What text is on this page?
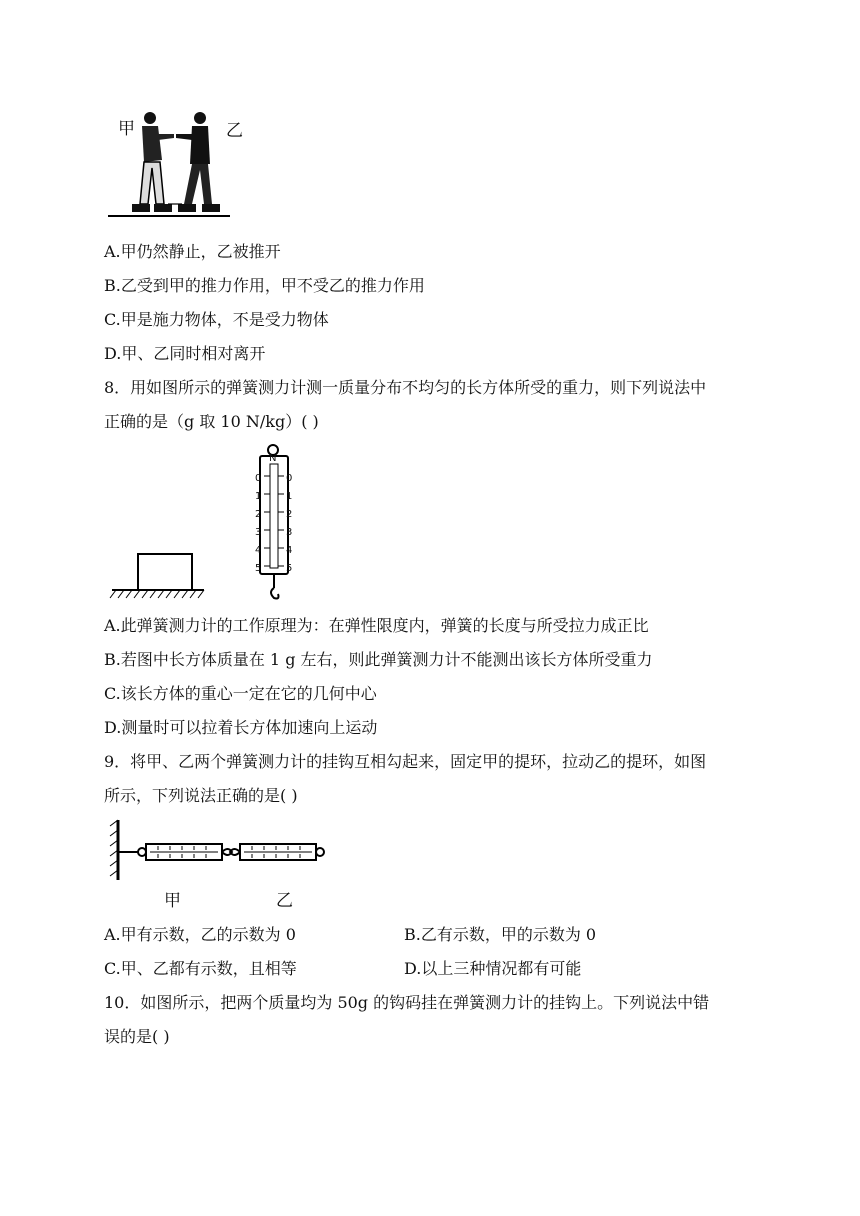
甲	乙
A.甲仍然静止，乙被推开
B.乙受到甲的推力作用，甲不受乙的推力作用
C.甲是施力物体，不是受力物体
D.甲、乙同时相对离开
8．用如图所示的弹簧测力计测一质量分布不均匀的长方体所受的重力，则下列说法中
正确的是（g 取 10 N/kg）( )
N
0
1
2
3
4
5
0
1
2
3
4
5
A.此弹簧测力计的工作原理为：在弹性限度内，弹簧的长度与所受拉力成正比
B.若图中长方体质量在 1 g 左右，则此弹簧测力计不能测出该长方体所受重力
C.该长方体的重心一定在它的几何中心
D.测量时可以拉着长方体加速向上运动
9．将甲、乙两个弹簧测力计的挂钩互相勾起来，固定甲的提环，拉动乙的提环，如图
所示，下列说法正确的是( )
甲	乙
A.甲有示数，乙的示数为 0	B.乙有示数，甲的示数为 0
C.甲、乙都有示数，且相等	D.以上三种情况都有可能
10．如图所示，把两个质量均为 50g 的钩码挂在弹簧测力计的挂钩上。下列说法中错
误的是( )
